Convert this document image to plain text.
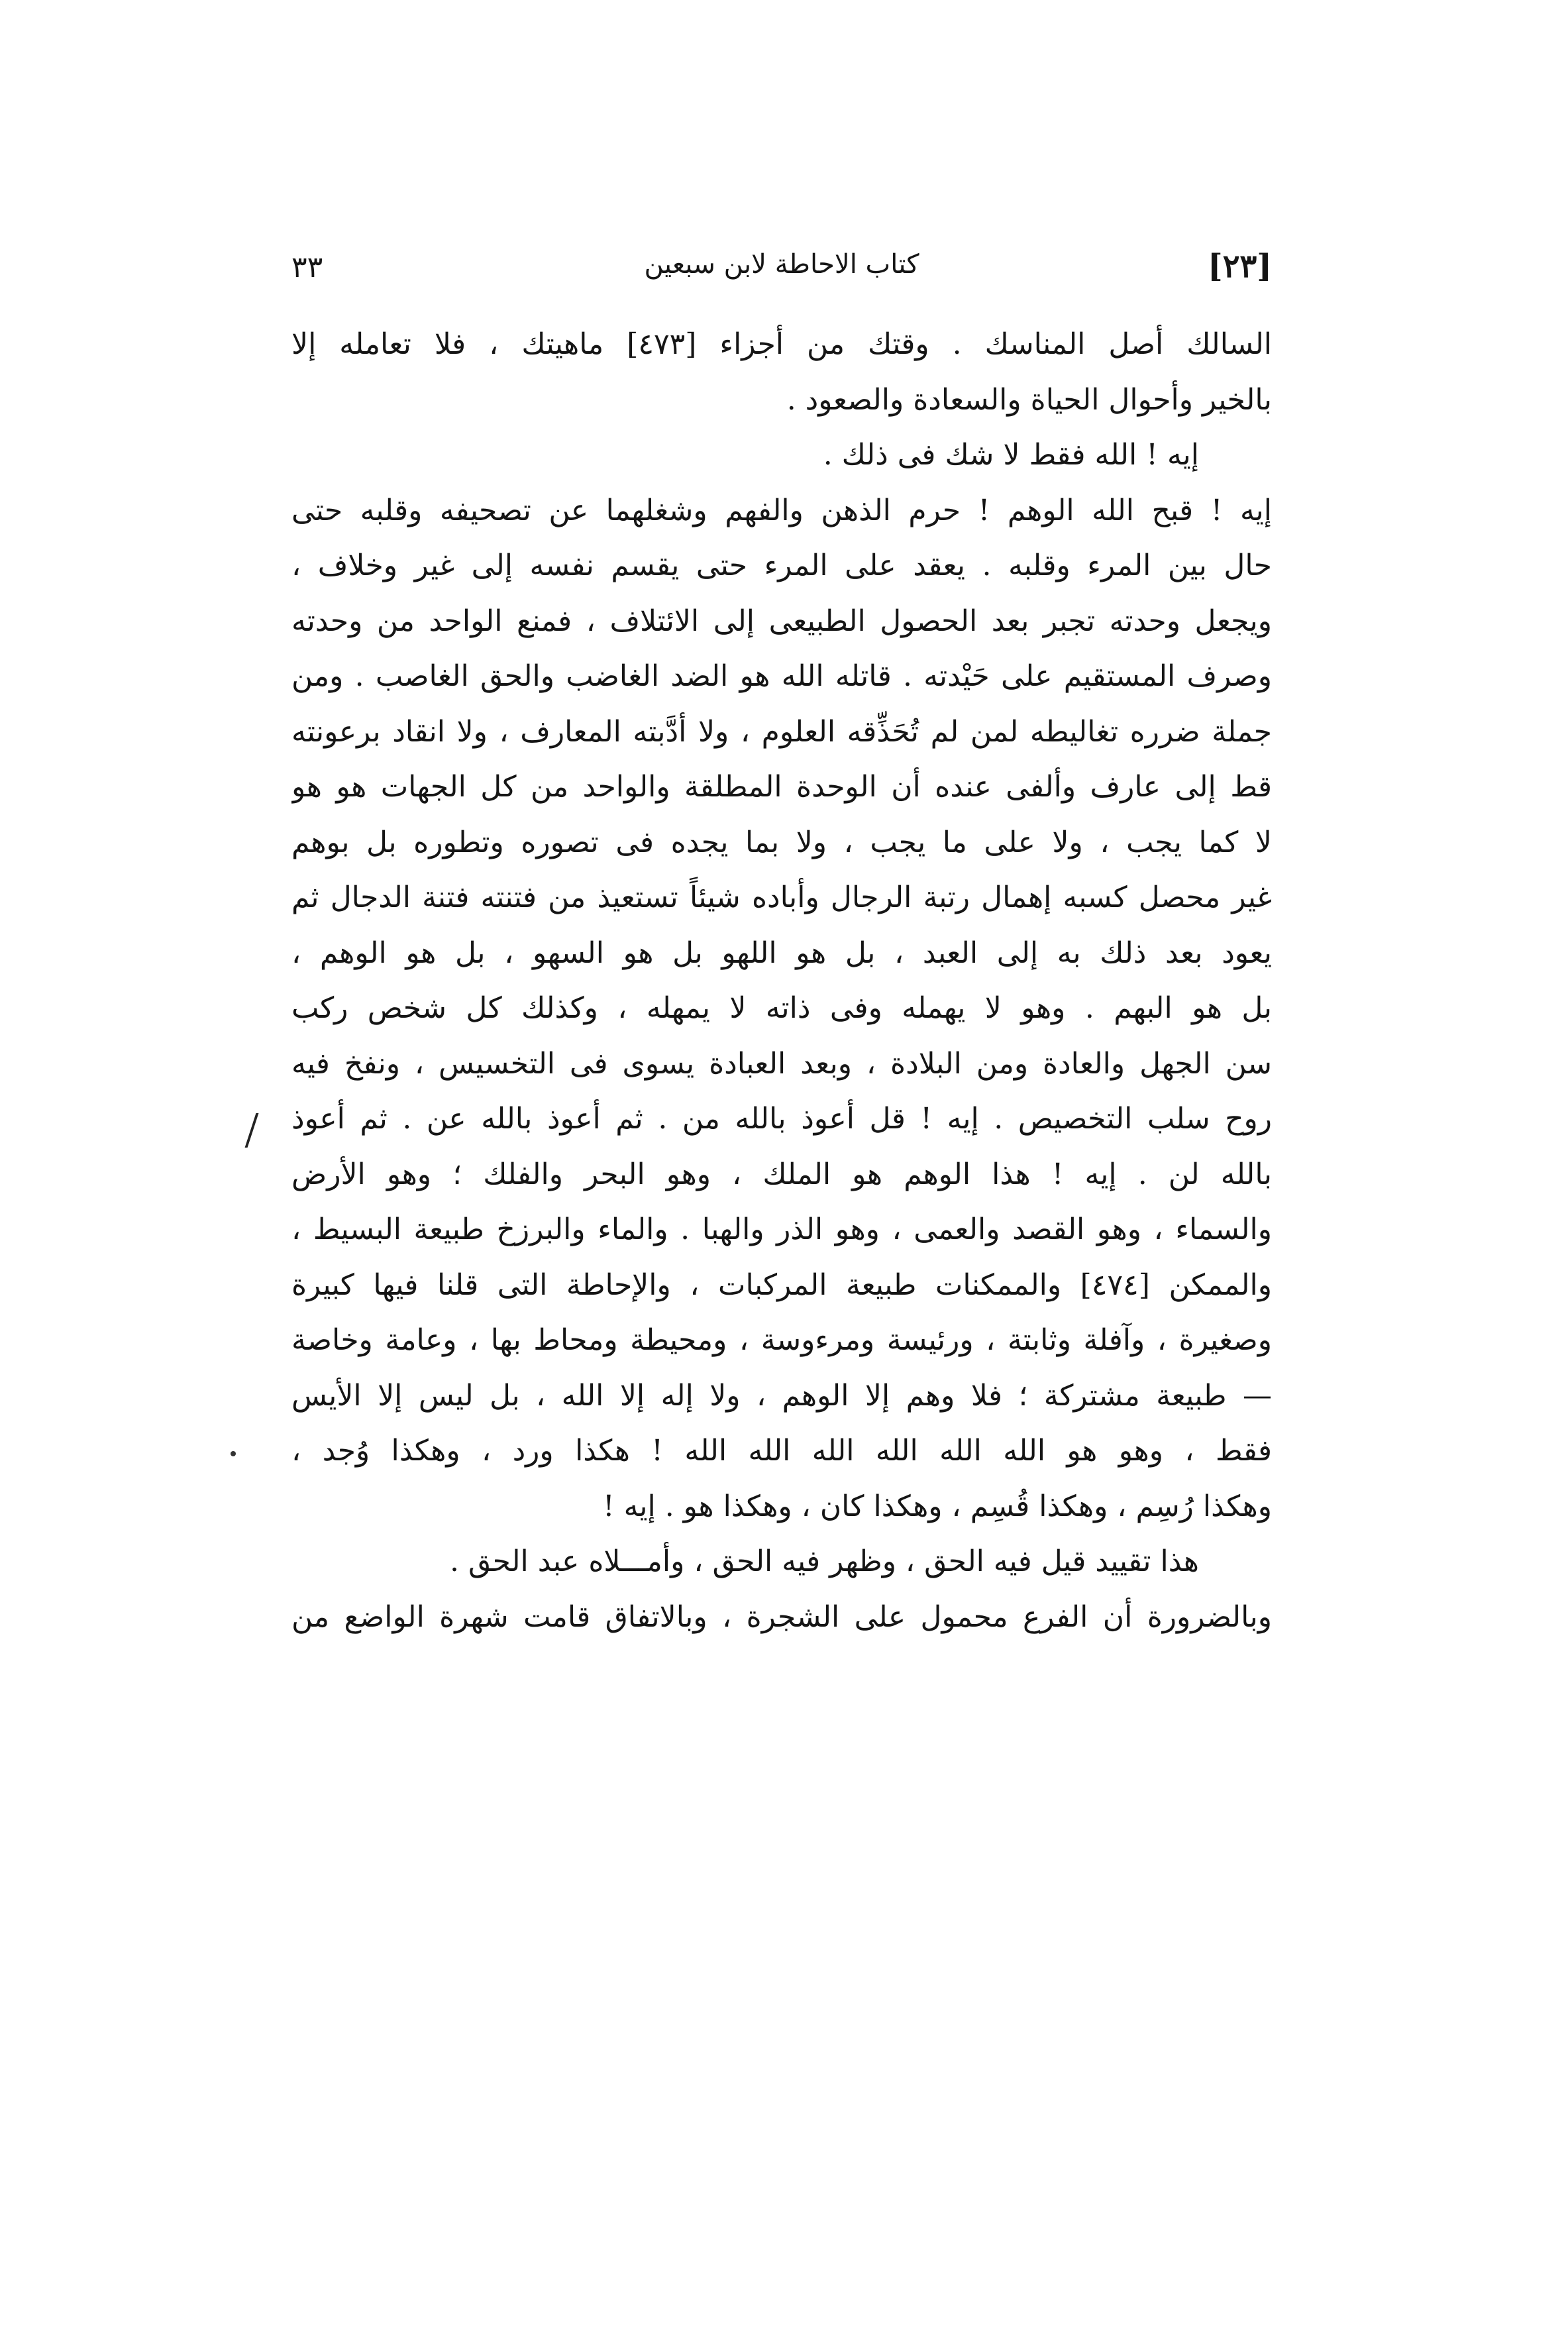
٣٣	كتاب الاحاطة لابن سبعين	[٢٣]
السالك أصل المناسك . وقتك من أجزاء [٤٧٣] ماهيتك ، فلا تعامله إلا
بالخير وأحوال الحياة والسعادة والصعود .
إيه ! الله فقط لا شك فى ذلك .
إيه ! قبح الله الوهم ! حرم الذهن والفهم وشغلهما عن تصحيفه وقلبه حتى
حال بين المرء وقلبه . يعقد على المرء حتى يقسم نفسه إلى غير وخلاف ،
ويجعل وحدته تجبر بعد الحصول الطبيعى إلى الائتلاف ، فمنع الواحد من وحدته
وصرف المستقيم على حَيْدته . قاتله الله هو الضد الغاضب والحق الغاصب . ومن
جملة ضرره تغاليطه لمن لم تُحَذِّقه العلوم ، ولا أدَّبته المعارف ، ولا انقاد برعونته
قط إلى عارف وألفى عنده أن الوحدة المطلقة والواحد من كل الجهات هو هو
لا كما يجب ، ولا على ما يجب ، ولا بما يجده فى تصوره وتطوره بل بوهم
غير محصل كسبه إهمال رتبة الرجال وأباده شيئاً تستعيذ من فتنته فتنة الدجال ثم
يعود بعد ذلك به إلى العبد ، بل هو اللهو بل هو السهو ، بل هو الوهم ،
بل هو البهم . وهو لا يهمله وفى ذاته لا يمهله ، وكذلك كل شخص ركب
سن الجهل والعادة ومن البلادة ، وبعد العبادة يسوى فى التخسيس ، ونفخ فيه
روح سلب التخصيص . إيه ! قل أعوذ بالله من . ثم أعوذ بالله عن . ثم أعوذ
بالله لن . إيه ! هذا الوهم هو الملك ، وهو البحر والفلك ؛ وهو الأرض
والسماء ، وهو القصد والعمى ، وهو الذر والهبا . والماء والبرزخ طبيعة البسيط ،
والممكن [٤٧٤] والممكنات طبيعة المركبات ، والإحاطة التى قلنا فيها كبيرة
وصغيرة ، وآفلة وثابتة ، ورئيسة ومرءوسة ، ومحيطة ومحاط بها ، وعامة وخاصة
— طبيعة مشتركة ؛ فلا وهم إلا الوهم ، ولا إله إلا الله ، بل ليس إلا الأيس
فقط ، وهو هو الله الله الله الله الله الله ! هكذا ورد ، وهكذا وُجد ،
وهكذا رُسِم ، وهكذا قُسِم ، وهكذا كان ، وهكذا هو . إيه !
هذا تقييد قيل فيه الحق ، وظهر فيه الحق ، وأمـــلاه عبد الحق .
وبالضرورة أن الفرع محمول على الشجرة ، وبالاتفاق قامت شهرة الواضع من
